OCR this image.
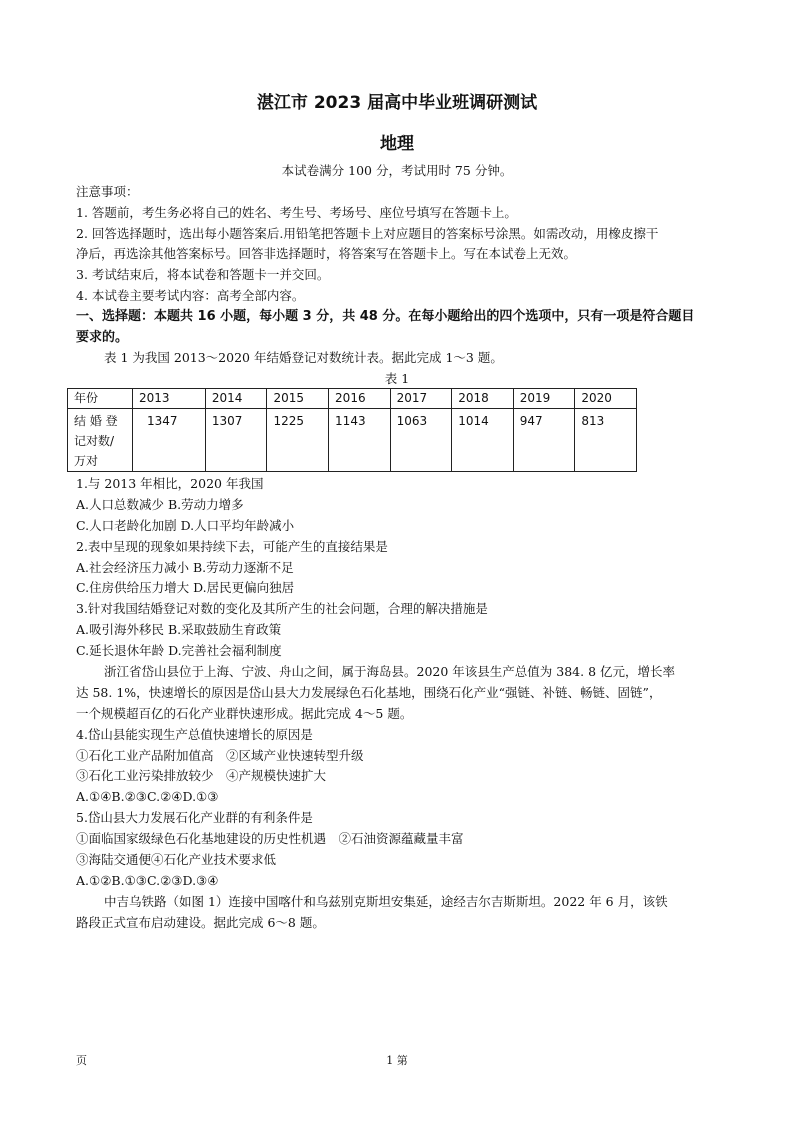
湛江市 2023 届高中毕业班调研测试
地理
本试卷满分 100 分，考试用时 75 分钟。
注意事项：
1. 答题前，考生务必将自己的姓名、考生号、考场号、座位号填写在答题卡上。
2. 回答选择题时，选出每小题答案后.用铅笔把答题卡上对应题目的答案标号涂黑。如需改动，用橡皮擦干
净后，再选涂其他答案标号。回答非选择题时，将答案写在答题卡上。写在本试卷上无效。
3. 考试结束后，将本试卷和答题卡一并交回。
4. 本试卷主要考试内容：高考全部内容。
一、选择题：本题共 16 小题，每小题 3 分，共 48 分。在每小题给出的四个选项中，只有一项是符合题目
要求的。
表 1 为我国 2013～2020 年结婚登记对数统计表。据此完成 1～3 题。
表 1
年份	2013	2014	2015	2016	2017	2018	2019	2020

结 婚 登
记对数/
万对	1347	1307	1225	1143	1063	1014	947	813
1.与 2013 年相比，2020 年我国
A.人口总数减少 B.劳动力增多
C.人口老龄化加剧 D.人口平均年龄减小
2.表中呈现的现象如果持续下去，可能产生的直接结果是
A.社会经济压力减小 B.劳动力逐渐不足
C.住房供给压力增大 D.居民更偏向独居
3.针对我国结婚登记对数的变化及其所产生的社会问题，合理的解决措施是
A.吸引海外移民 B.采取鼓励生育政策
C.延长退休年龄 D.完善社会福利制度
浙江省岱山县位于上海、宁波、舟山之间，属于海岛县。2020 年该县生产总值为 384. 8 亿元，增长率
达 58. 1%，快速增长的原因是岱山县大力发展绿色石化基地，围绕石化产业“强链、补链、畅链、固链”，
一个规模超百亿的石化产业群快速形成。据此完成 4～5 题。
4.岱山县能实现生产总值快速增长的原因是
①石化工业产品附加值高　②区域产业快速转型升级
③石化工业污染排放较少　④产规模快速扩大
A.①④B.②③C.②④D.①③
5.岱山县大力发展石化产业群的有利条件是
①面临国家级绿色石化基地建设的历史性机遇　②石油资源蕴藏量丰富
③海陆交通便④石化产业技术要求低
A.①②B.①③C.②③D.③④
中吉乌铁路（如图 1）连接中国喀什和乌兹别克斯坦安集延，途经吉尔吉斯斯坦。2022 年 6 月，该铁
路段正式宣布启动建设。据此完成 6～8 题。
页	1 第
